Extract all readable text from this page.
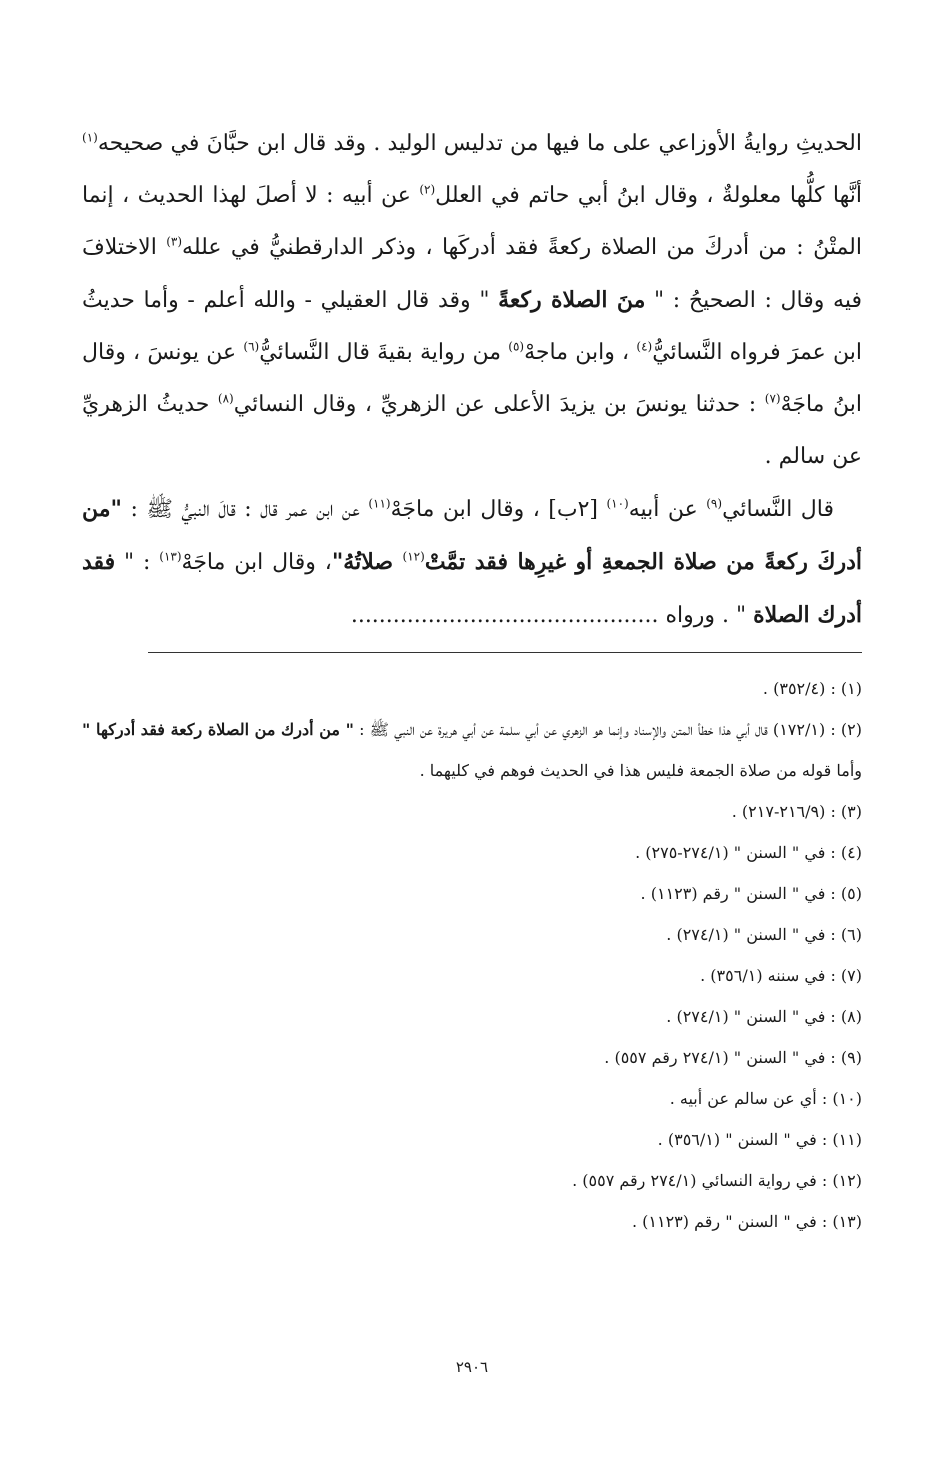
الحديثِ روايةُ الأوزاعي على ما فيها من تدليس الوليد . وقد قال ابن حبَّانَ في صحيحه$^{(١)}$ أنَّها كلُّها معلولةٌ ، وقال ابنُ أبي حاتم في العلل$^{(٢)}$ عن أبيه : لا أصلَ لهذا الحديث ، إنما المتْنُ : من أدركَ من الصلاة ركعةً فقد أدركَها ، وذكر الدارقطنيُّ في علله$^{(٣)}$ الاختلافَ فيه وقال : الصحيحُ : " منَ الصلاة ركعةً " وقد قال العقيلي - والله أعلم - وأما حديثُ ابن عمرَ فرواه النَّسائيُّ$^{(٤)}$ ، وابن ماجهْ$^{(٥)}$ من رواية بقيةَ قال النَّسائيُّ$^{(٦)}$ عن يونسَ ، وقال ابنُ ماجَهْ$^{(٧)}$ : حدثنا يونسَ بن يزيدَ الأعلى عن الزهريِّ ، وقال النسائي$^{(٨)}$ حديثُ الزهريِّ عن سالم .

قال النَّسائي$^{(٩)}$ عن أبيه$^{(١٠)}$ [٢ب] ، وقال ابن ماجَهْ$^{(١١)}$ عن ابن عمر قال : قالَ النبيُّ ﷺ : "من أدركَ ركعةً من صلاة الجمعةِ أو غيرِها فقد تمَّتْ$^{(١٢)}$ صلاتُهُ"، وقال ابن ماجَهْ$^{(١٣)}$ : " فقد أدرك الصلاة " . ورواه ............................................

(١) : (٣٥٢/٤) .

(٢) : (١٧٢/١) قال أبي هذا خطأ المتن والإسناد وإنما هو الزهري عن أبي سلمة عن أبي هريرة عن النبي ﷺ : " من أدرك من الصلاة ركعة فقد أدركها " وأما قوله من صلاة الجمعة فليس هذا في الحديث فوهم في كليهما .

(٣) : (٢١٦/٩-٢١٧) .

(٤) : في " السنن " (٢٧٤/١-٢٧٥) .

(٥) : في " السنن " رقم (١١٢٣) .

(٦) : في " السنن " (٢٧٤/١) .

(٧) : في سننه (٣٥٦/١) .

(٨) : في " السنن " (٢٧٤/١) .

(٩) : في " السنن " (٢٧٤/١ رقم ٥٥٧) .

(١٠) : أي عن سالم عن أبيه .

(١١) : في " السنن " (٣٥٦/١) .

(١٢) : في رواية النسائي (٢٧٤/١ رقم ٥٥٧) .

(١٣) : في " السنن " رقم (١١٢٣) .

٢٩٠٦
